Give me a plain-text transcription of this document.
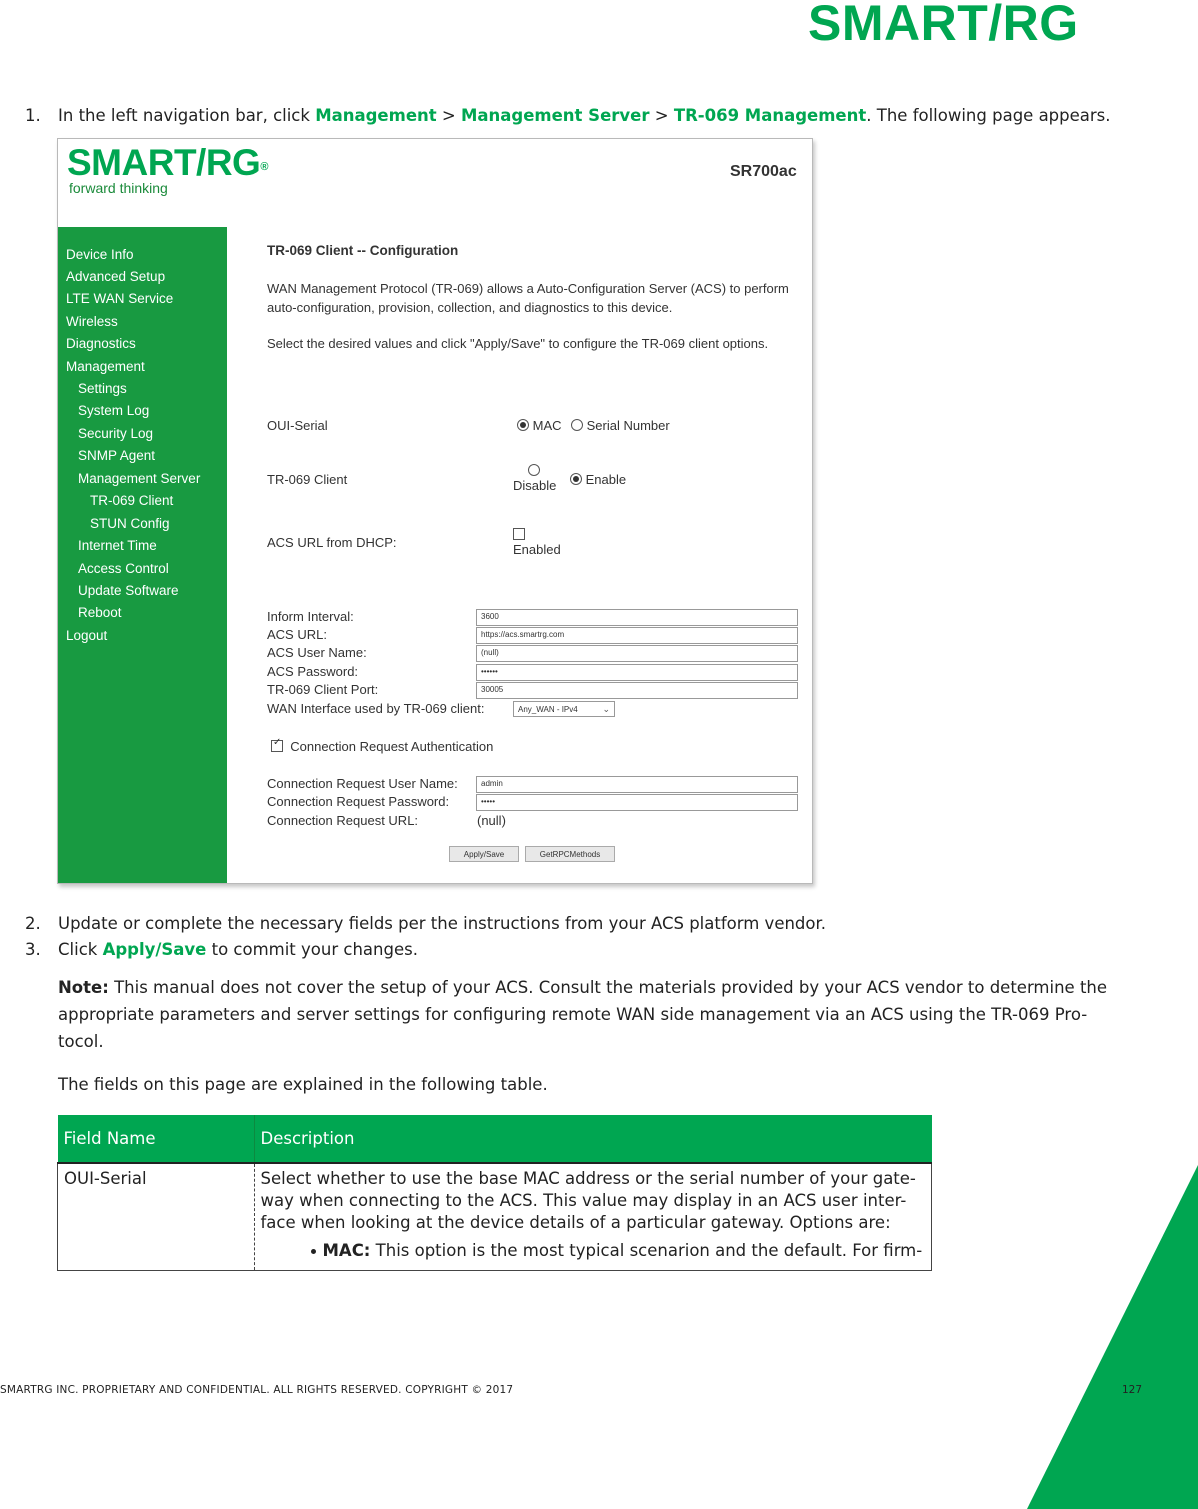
SMART/RG
1. In the left navigation bar, click Management > Management Server > TR-069 Management. The following page appears.
SMART/RG®
forward thinking
SR700ac
Device Info
Advanced Setup
LTE WAN Service
Wireless
Diagnostics
Management
Settings
System Log
Security Log
SNMP Agent
Management Server
TR-069 Client
STUN Config
Internet Time
Access Control
Update Software
Reboot
Logout
TR-069 Client -- Configuration
WAN Management Protocol (TR-069) allows a Auto-Configuration Server (ACS) to perform auto-configuration, provision, collection, and diagnostics to this device.
Select the desired values and click "Apply/Save" to configure the TR-069 client options.
OUI-Serial	MAC	Serial Number
TR-069 Client	Disable	Enable
ACS URL from DHCP:	Enabled
Inform Interval:	3600
ACS URL:	https://acs.smartrg.com
ACS User Name:	(null)
ACS Password:	••••••
TR-069 Client Port:	30005
WAN Interface used by TR-069 client:	Any_WAN - IPv4	⌄
✓ Connection Request Authentication
Connection Request User Name:	admin
Connection Request Password:	•••••
Connection Request URL:	(null)
Apply/Save	GetRPCMethods
2. Update or complete the necessary fields per the instructions from your ACS platform vendor.
3. Click Apply/Save to commit your changes.
Note: This manual does not cover the setup of your ACS. Consult the materials provided by your ACS vendor to determine the appropriate parameters and server settings for configuring remote WAN side management via an ACS using the TR-069 Pro-tocol.
The fields on this page are explained in the following table.
Field Name	Description
OUI-Serial	Select whether to use the base MAC address or the serial number of your gate-way when connecting to the ACS. This value may display in an ACS user inter-face when looking at the device details of a particular gateway. Options are:
MAC: This option is the most typical scenarion and the default. For firm-
SMARTRG INC. PROPRIETARY AND CONFIDENTIAL. ALL RIGHTS RESERVED. COPYRIGHT © 2017	127
